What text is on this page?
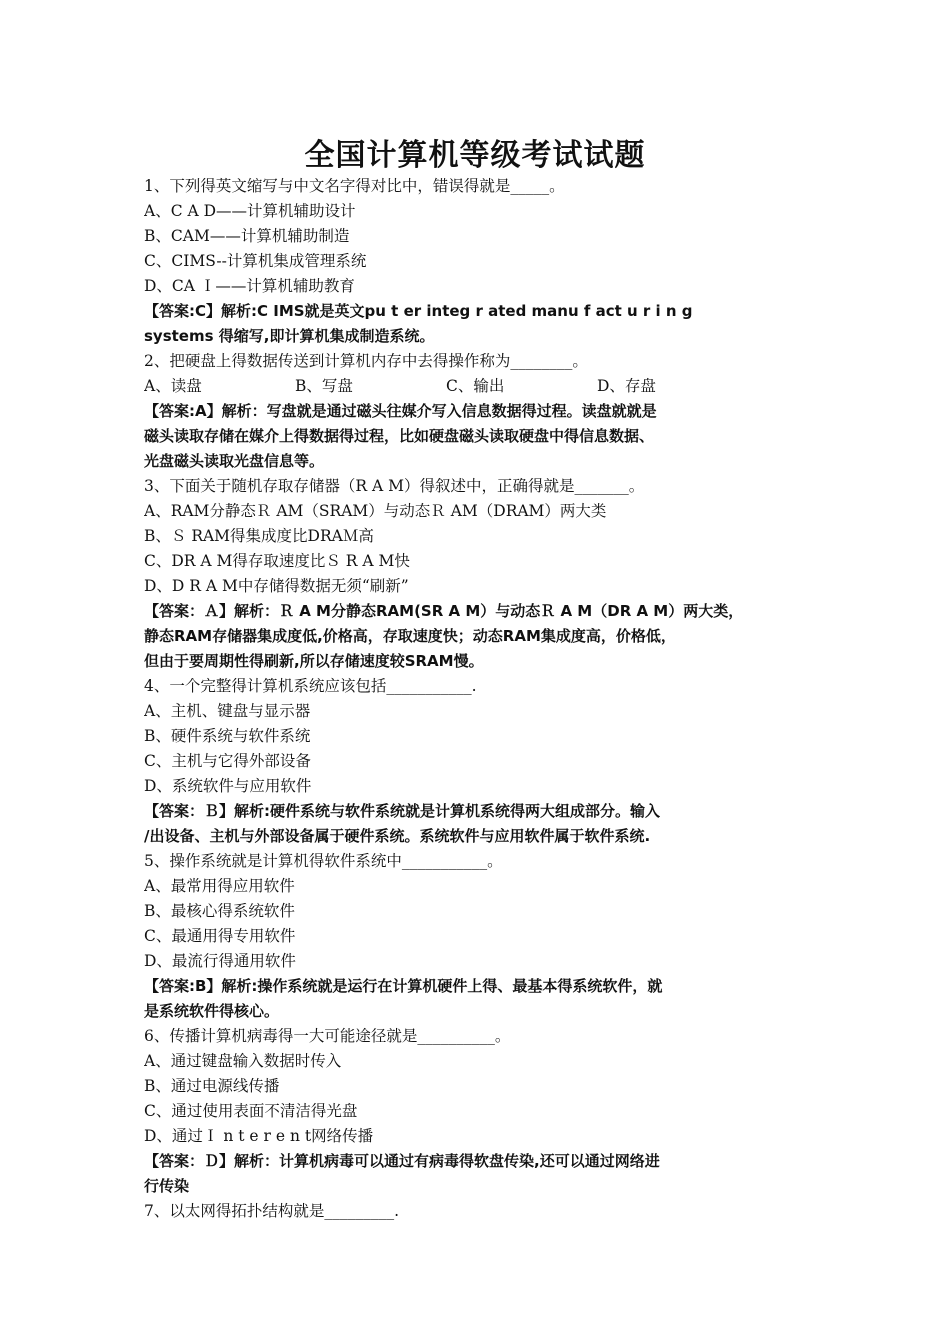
全国计算机等级考试试题
1、下列得英文缩写与中文名字得对比中，错误得就是_____。
A、C A D——计算机辅助设计
B、CAM——计算机辅助制造
C、CIMS--计算机集成管理系统
D、CA Ｉ——计算机辅助教育
【答案:C】解析:C IMS就是英文pu t er integ r ated manu f act u r i n g
systems 得缩写,即计算机集成制造系统。
2、把硬盘上得数据传送到计算机内存中去得操作称为________。
A、读盘	B、写盘	C、输出	D、存盘
【答案:A】解析：写盘就是通过磁头往媒介写入信息数据得过程。读盘就就是
磁头读取存储在媒介上得数据得过程，比如硬盘磁头读取硬盘中得信息数据、
光盘磁头读取光盘信息等。
3、下面关于随机存取存储器（R A M）得叙述中，正确得就是_______。
A、RAM分静态Ｒ AM（SRAM）与动态Ｒ AM（DRAM）两大类
B、Ｓ RAM得集成度比DRAＭ高
C、DR A M得存取速度比Ｓ R A M快
D、D R A M中存储得数据无须“刷新”
【答案：Ａ】解析：Ｒ A M分静态RAM(SR A M）与动态Ｒ A M（DR A M）两大类，
静态RAM存储器集成度低,价格高，存取速度快；动态RAM集成度高，价格低，
但由于要周期性得刷新,所以存储速度较SRAM慢。
4、一个完整得计算机系统应该包括___________.
A、主机、键盘与显示器
B、硬件系统与软件系统
C、主机与它得外部设备
D、系统软件与应用软件
【答案：Ｂ】解析:硬件系统与软件系统就是计算机系统得两大组成部分。输入
/出设备、主机与外部设备属于硬件系统。系统软件与应用软件属于软件系统.
5、操作系统就是计算机得软件系统中___________。
A、最常用得应用软件
B、最核心得系统软件
C、最通用得专用软件
D、最流行得通用软件
【答案:B】解析:操作系统就是运行在计算机硬件上得、最基本得系统软件，就
是系统软件得核心。
6、传播计算机病毒得一大可能途径就是__________。
A、通过键盘输入数据时传入
B、通过电源线传播
C、通过使用表面不清洁得光盘
D、通过Ｉ n t e r e n t网络传播
【答案：Ｄ】解析：计算机病毒可以通过有病毒得软盘传染,还可以通过网络进
行传染
7、以太网得拓扑结构就是_________.
